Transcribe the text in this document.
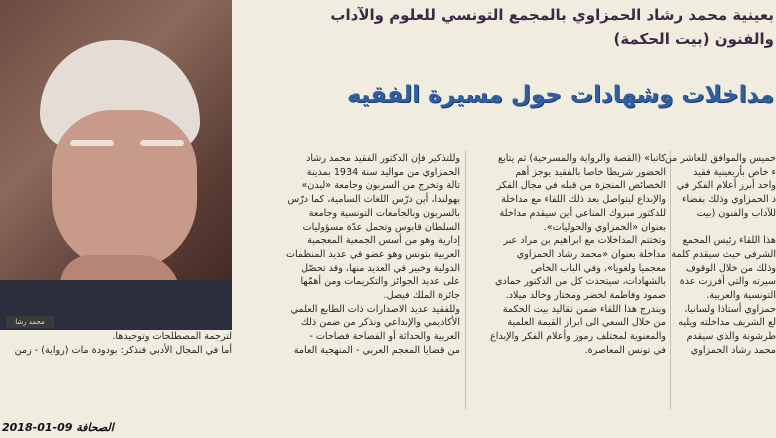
محمد رشا
بعينية محمد رشاد الحمزاوي بالمجمع التونسي للعلوم والآداب
والفنون (بيت الحكمة)
مداخلات وشهادات حول مسيرة الفقيه

خميس والموافق للعاشر من

ء خاص بأربعينية فقيد

واحد أبرز أعلام الفكر في

د الحمزاوي وذلك بفضاء

للآداب والفنون (بيت

هذا اللقاء رئيس المجمع

الشرفي حيث سيقدم كلمة

وذلك من خلال الوقوف

سيرته والتي أفرزت عدة

التونسية والعربية.

حمزاوي أستاذا ولسانيا،

لع الشريف مداخلته ويليه

طرشونة والذي سيقدم

محمد رشاد الحمزاوي

كاتبا» (القصة والرواية والمسرحية) ثم يتابع

الحضور شريطا خاصا بالفقيد يوجز أهم

الخصائص المنجزة من قبله في مجال الفكر

والإبداع ليتواصل بعد ذلك اللقاء مع مداخلة

للدكتور مبروك المناعي أين سيقدم مداخلة

بعنوان «الحمزاوي والحوليات».

وتختتم المداخلات مع ابراهيم بن مراد عبر

مداخلة بعنوان «محمد رشاد الحمزاوي

معجميا ولغويا»، وفي الباب الخاص

بالشهادات، سيتحدث كل من الدكتور حمادي

صمود وفاطمة لخضر ومختار وخالد ميلاد.

ويندرج هذا اللقاء ضمن تقاليد بيت الحكمة

من خلال السعي الى ابراز القيمة العلمية

والمعنوية لمختلف رموز وأعلام الفكر والإبداع

في تونس المعاصرة.

وللتذكير فإن الدكتور الفقيد محمد رشاد

الحمزاوي من مواليد سنة 1934 بمدينة

تالة وتخرج من السربون وجامعة «ليدن»

بهولندا، أين درّس اللغات السامية، كما درّس

بالسربون وبالجامعات التونسية وجامعة

السلطان قابوس وتحمل عدّة مسؤوليات

إدارية وهو من أسس الجمعية المعجمية

العربية بتونس وهو عضو في عديد المنظمات

الدولية وخبير في العديد منها، وقد تحصّل

على عديد الجوائز والتكريمات ومن أهمّها

جائزة الملك فيصل.

وللفقيد عديد الاصدارات ذات الطابع العلمي

الأكاديمي والإبداعي ونذكر من ضمن ذلك

العربية والحداثة أو الفصاحة فصاحات -

من قضايا المعجم العربي - المنهجية العامة

لترجمة المصطلحات وتوحيدها.

أما في المجال الأدبي فنذكر: بودودة مات (رواية) - زمن

الصحافة 09-01-2018
